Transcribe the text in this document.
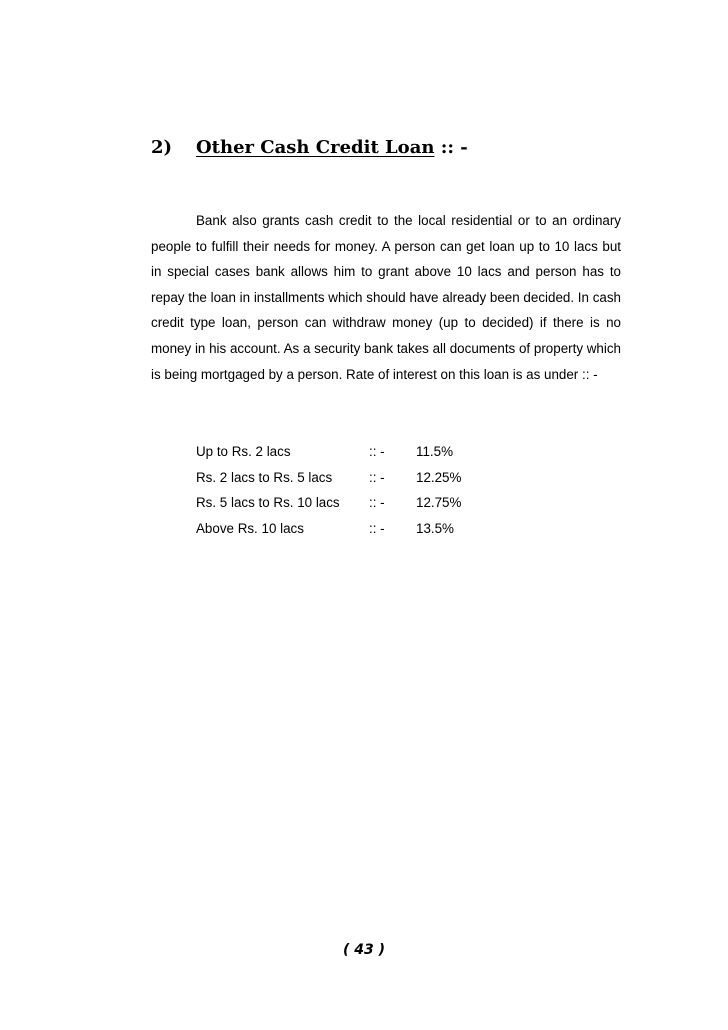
2) Other Cash Credit Loan :: -

Bank also grants cash credit to the local residential or to an ordinary people to fulfill their needs for money. A person can get loan up to 10 lacs but in special cases bank allows him to grant above 10 lacs and person has to repay the loan in installments which should have already been decided. In cash credit type loan, person can withdraw money (up to decided) if there is no money in his account. As a security bank takes all documents of property which is being mortgaged by a person. Rate of interest on this loan is as under :: -

Up to Rs. 2 lacs	:: - 11.5%
Rs. 2 lacs to Rs. 5 lacs	:: - 12.25%
Rs. 5 lacs to Rs. 10 lacs :: - 12.75%
Above Rs. 10 lacs	:: - 13.5%
( 43 )
